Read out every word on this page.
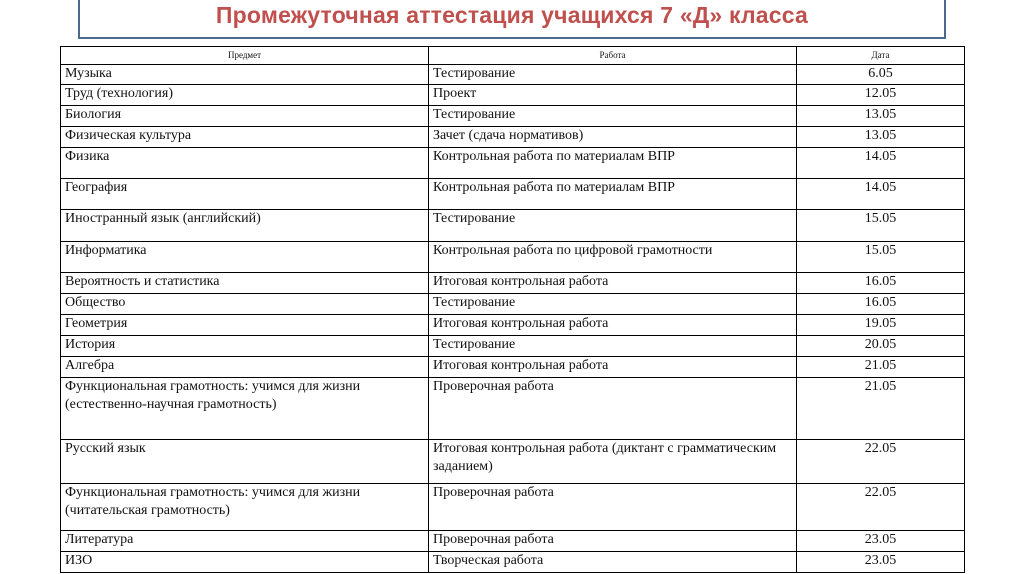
Промежуточная аттестация учащихся 7 «Д» класса
Предмет	Работа	Дата
Музыка	Тестирование	6.05
Труд (технология)	Проект	12.05
Биология	Тестирование	13.05
Физическая культура	Зачет (сдача нормативов)	13.05
Физика	Контрольная работа по материалам ВПР	14.05
География	Контрольная работа по материалам ВПР	14.05
Иностранный язык (английский)	Тестирование	15.05
Информатика	Контрольная работа по цифровой грамотности	15.05
Вероятность и статистика	Итоговая контрольная работа	16.05
Общество	Тестирование	16.05
Геометрия	Итоговая контрольная работа	19.05
История	Тестирование	20.05
Алгебра	Итоговая контрольная работа	21.05
Функциональная грамотность: учимся для жизни (естественно-научная грамотность)	Проверочная работа	21.05
Русский язык	Итоговая контрольная работа (диктант с грамматическим заданием)	22.05
Функциональная грамотность: учимся для жизни (читательская грамотность)	Проверочная работа	22.05
Литература	Проверочная работа	23.05
ИЗО	Творческая работа	23.05
